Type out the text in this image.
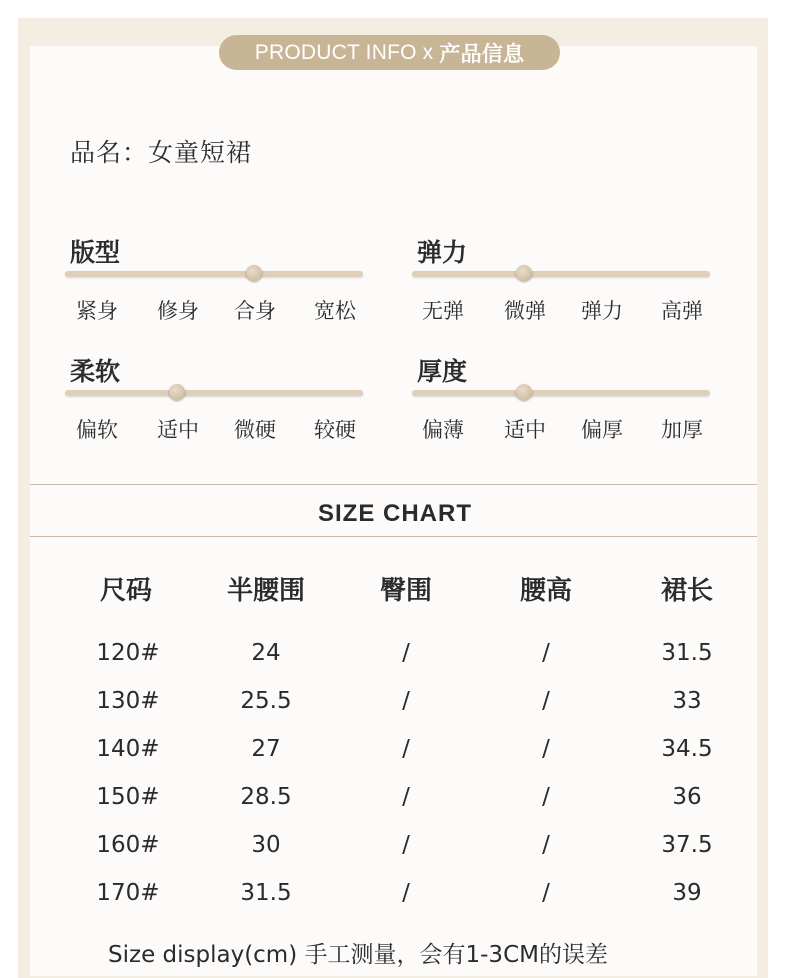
PRODUCT INFO x 产品信息
品名：女童短裙
版型
紧身	修身	合身	宽松
弹力
无弹	微弹	弹力	高弹
柔软
偏软	适中	微硬	较硬
厚度
偏薄	适中	偏厚	加厚
SIZE CHART
尺码	半腰围	臀围	腰高	裙长
120#	24	/	/	31.5
130#	25.5	/	/	33
140#	27	/	/	34.5
150#	28.5	/	/	36
160#	30	/	/	37.5
170#	31.5	/	/	39
Size display(cm) 手工测量，会有1-3CM的误差
